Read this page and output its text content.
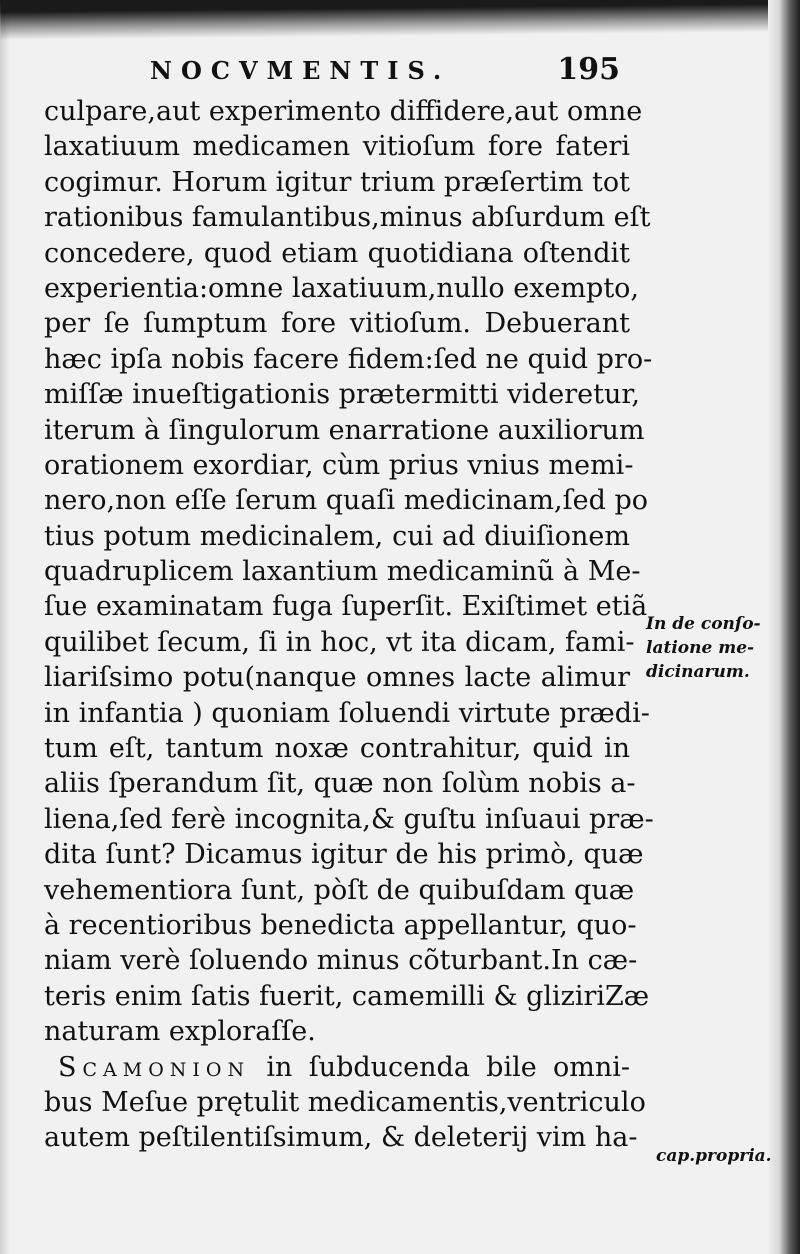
NOCVMENTIS.	195
culpare,aut experimento diffidere,aut omne
laxatiuum medicamen vitioſum fore fateri
cogimur. Horum igitur trium præſertim tot
rationibus famulantibus,minus abſurdum eſt
concedere, quod etiam quotidiana oſtendit
experientia:omne laxatiuum,nullo exempto,
per ſe ſumptum fore vitioſum. Debuerant
hæc ipſa nobis facere fidem:ſed ne quid pro-
miſſæ inueſtigationis prætermitti videretur,
iterum à ſingulorum enarratione auxiliorum
orationem exordiar, cùm prius vnius memi-
nero,non eſſe ſerum quaſi medicinam,ſed po
tius potum medicinalem, cui ad diuiſionem
quadruplicem laxantium medicaminũ à Me-
ſue examinatam fuga ſuperſit. Exiſtimet etiã
quilibet ſecum, ſi in hoc, vt ita dicam, fami-
liariſsimo potu(nanque omnes lacte alimur
in infantia ) quoniam ſoluendi virtute prædi-
tum eſt, tantum noxæ contrahitur, quid in
aliis ſperandum ſit, quæ non ſolùm nobis a-
liena,ſed ferè incognita,& guſtu inſuaui præ-
dita ſunt? Dicamus igitur de his primò, quæ
vehementiora ſunt, pòſt de quibuſdam quæ
à recentioribus benedicta appellantur, quo-
niam verè ſoluendo minus cõturbant.In cæ-
teris enim ſatis fuerit, camemilli & gliziriZæ
naturam exploraſſe.
Scamonion in ſubducenda bile omni-
bus Meſue prętulit medicamentis,ventriculo
autem peſtilentiſsimum, & deleterij vim ha-
In de conſo-
latione me-
dicinarum.
cap.propria.
